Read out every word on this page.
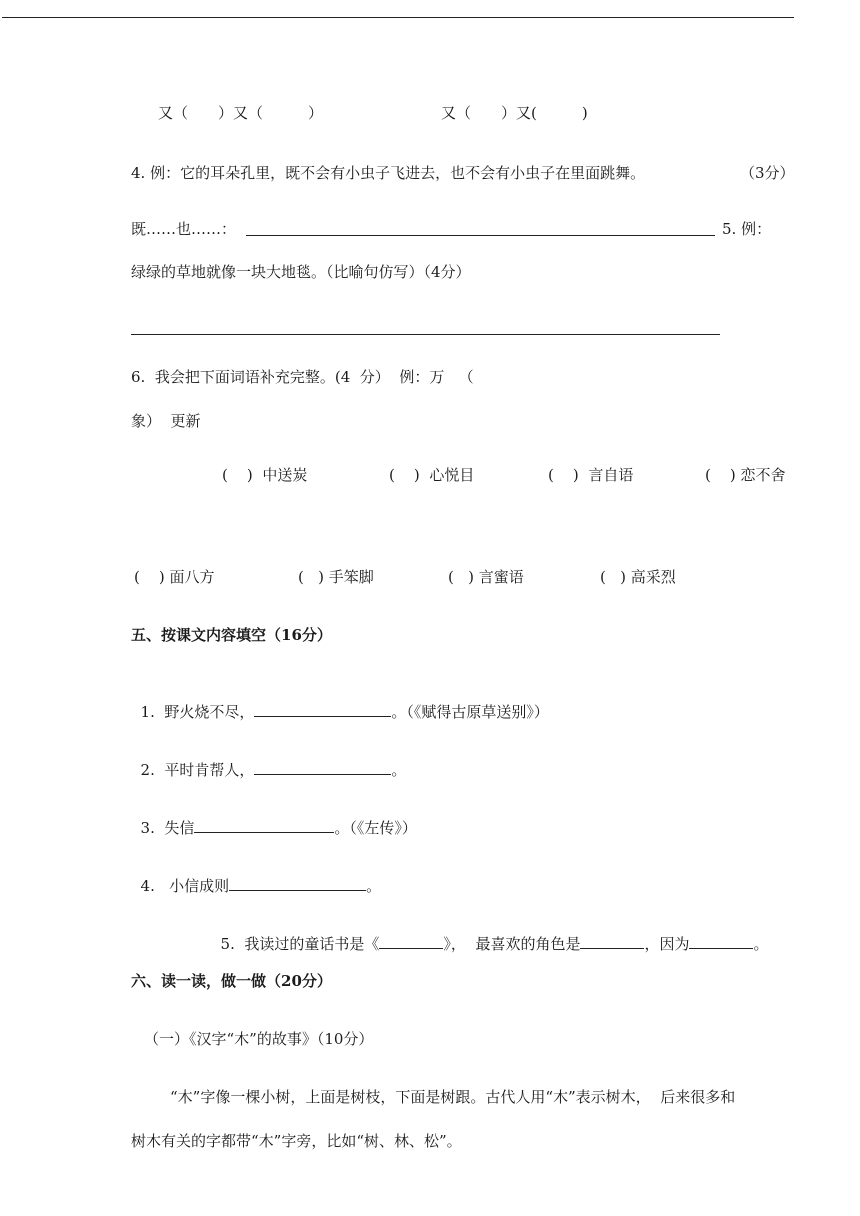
又（　　）又（　　　）	又（　　）又(　　　)
4. 例：它的耳朵孔里，既不会有小虫子飞进去，也不会有小虫子在里面跳舞。	（3分）
既……也……：	5. 例：
绿绿的草地就像一块大地毯。（比喻句仿写）（4分）
6.  我会把下面词语补充完整。(4  分）  例：万   （
象）  更新
(    )  中送炭	(    )  心悦目	(    )  言自语	(    ) 恋不舍
(    ) 面八方	(   ) 手笨脚	(   ) 言蜜语	(   ) 高采烈
五、按课文内容填空（16分）

1.  野火烧不尽，	。（《赋得古原草送别》）

2.  平时肯帮人，	。

3.  失信	。（《左传》）

4.   小信成则	。

5.  我读过的童话书是《	》，  最喜欢的角色是	，因为	。

六、读一读，做一做（20分）
（一）《汉字“木”的故事》（10分）
“木”字像一棵小树，上面是树枝，下面是树跟。古代人用“木”表示树木，  后来很多和
树木有关的字都带“木”字旁，比如“树、林、松”。
